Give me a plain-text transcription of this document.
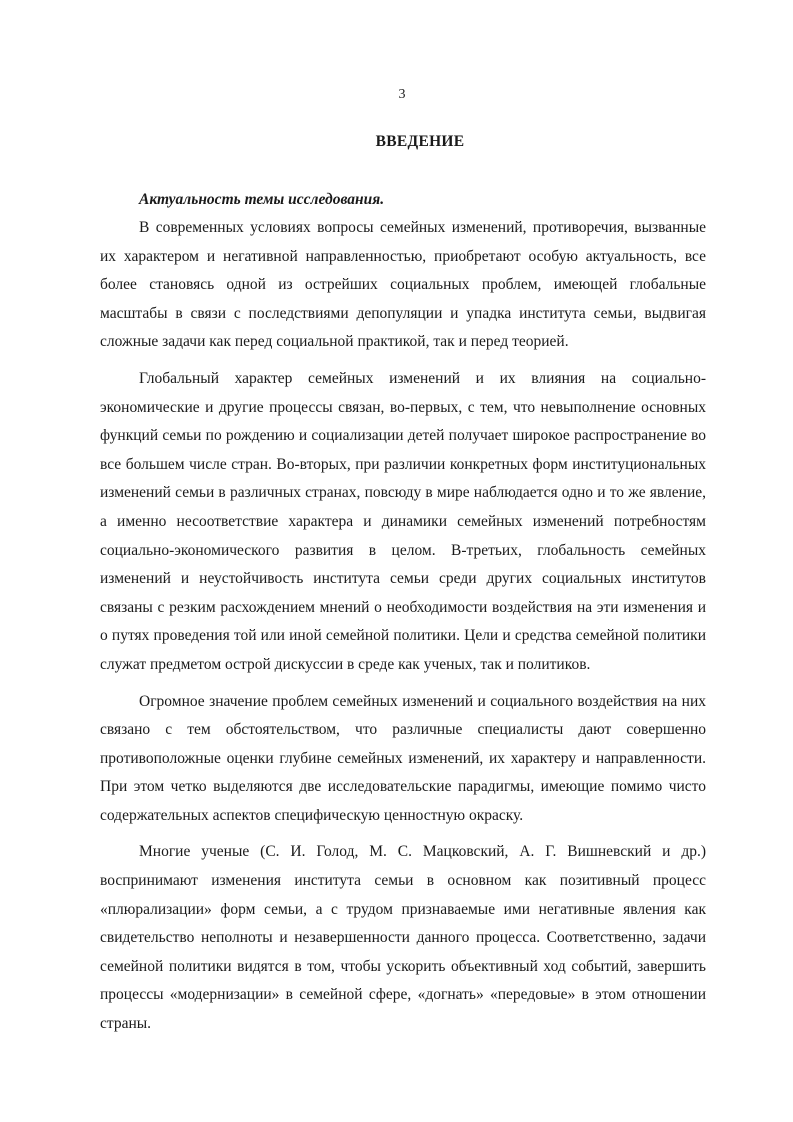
3
ВВЕДЕНИЕ
Актуальность темы исследования.

В современных условиях вопросы семейных изменений, противоречия, вызванные их характером и негативной направленностью, приобретают особую актуальность, все более становясь одной из острейших социальных проблем, имеющей глобальные масштабы в связи с последствиями депопуляции и упадка института семьи, выдвигая сложные задачи как перед социальной практикой, так и перед теорией.

Глобальный характер семейных изменений и их влияния на социально-экономические и другие процессы связан, во-первых, с тем, что невыполнение основных функций семьи по рождению и социализации детей получает широкое распространение во все большем числе стран. Во-вторых, при различии конкретных форм институциональных изменений семьи в различных странах, повсюду в мире наблюдается одно и то же явление, а именно несоответствие характера и динамики семейных изменений потребностям социально-экономического развития в целом. В-третьих, глобальность семейных изменений и неустойчивость института семьи среди других социальных институтов связаны с резким расхождением мнений о необходимости воздействия на эти изменения и о путях проведения той или иной семейной политики. Цели и средства семейной политики служат предметом острой дискуссии в среде как ученых, так и политиков.

Огромное значение проблем семейных изменений и социального воздействия на них связано с тем обстоятельством, что различные специалисты дают совершенно противоположные оценки глубине семейных изменений, их характеру и направленности. При этом четко выделяются две исследовательские парадигмы, имеющие помимо чисто содержательных аспектов специфическую ценностную окраску.

Многие ученые (С. И. Голод, М. С. Мацковский, А. Г. Вишневский и др.) воспринимают изменения института семьи в основном как позитивный процесс «плюрализации» форм семьи, а с трудом признаваемые ими негативные явления как свидетельство неполноты и незавершенности данного процесса. Соответственно, задачи семейной политики видятся в том, чтобы ускорить объективный ход событий, завершить процессы «модернизации» в семейной сфере, «догнать» «передовые» в этом отношении страны.
